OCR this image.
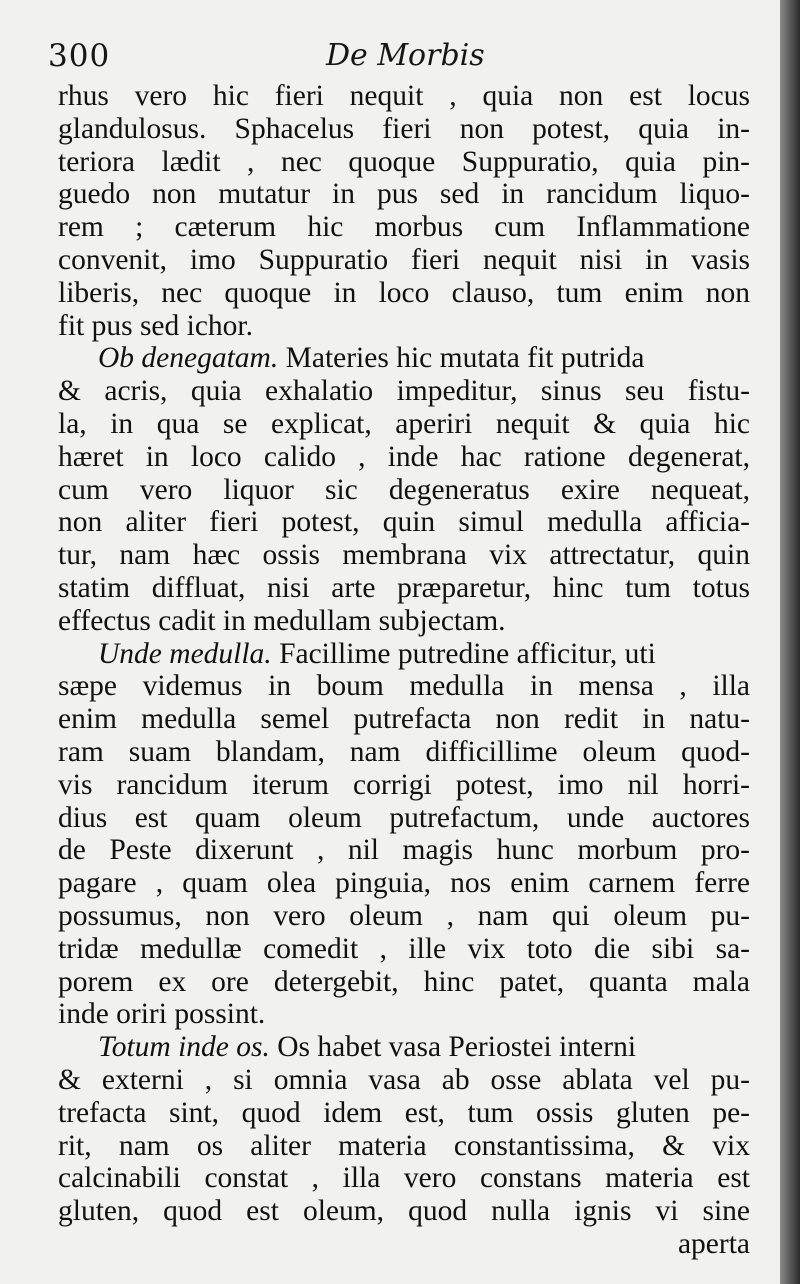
300	De Morbis
rhus vero hic fieri nequit , quia non est locus
glandulosus. Sphacelus fieri non potest, quia in-
teriora lædit , nec quoque Suppuratio, quia pin-
guedo non mutatur in pus sed in rancidum liquo-
rem ; cæterum hic morbus cum Inflammatione
convenit, imo Suppuratio fieri nequit nisi in vasis
liberis, nec quoque in loco clauso, tum enim non
fit pus sed ichor.
Ob denegatam. Materies hic mutata fit putrida
& acris, quia exhalatio impeditur, sinus seu fistu-
la, in qua se explicat, aperiri nequit & quia hic
hæret in loco calido , inde hac ratione degenerat,
cum vero liquor sic degeneratus exire nequeat,
non aliter fieri potest, quin simul medulla afficia-
tur, nam hæc ossis membrana vix attrectatur, quin
statim diffluat, nisi arte præparetur, hinc tum totus
effectus cadit in medullam subjectam.
Unde medulla. Facillime putredine afficitur, uti
sæpe videmus in boum medulla in mensa , illa
enim medulla semel putrefacta non redit in natu-
ram suam blandam, nam difficillime oleum quod-
vis rancidum iterum corrigi potest, imo nil horri-
dius est quam oleum putrefactum, unde auctores
de Peste dixerunt , nil magis hunc morbum pro-
pagare , quam olea pinguia, nos enim carnem ferre
possumus, non vero oleum , nam qui oleum pu-
tridæ medullæ comedit , ille vix toto die sibi sa-
porem ex ore detergebit, hinc patet, quanta mala
inde oriri possint.
Totum inde os. Os habet vasa Periostei interni
& externi , si omnia vasa ab osse ablata vel pu-
trefacta sint, quod idem est, tum ossis gluten pe-
rit, nam os aliter materia constantissima, & vix
calcinabili constat , illa vero constans materia est
gluten, quod est oleum, quod nulla ignis vi sine
aperta
